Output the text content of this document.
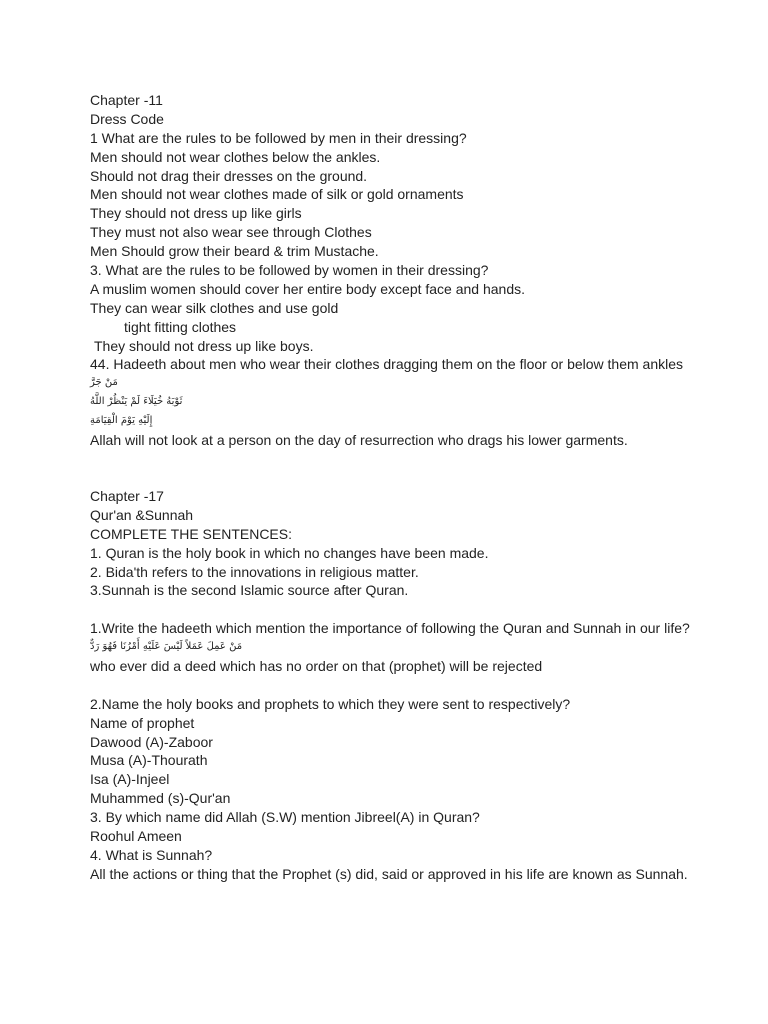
Chapter -11
Dress Code
1 What are the rules to be followed by men in their dressing?
Men should not wear clothes below the ankles.
Should not drag their dresses on the ground.
Men should not wear clothes made of silk or gold ornaments
They should not dress up like girls
They must not also wear see through Clothes
Men Should grow their beard & trim Mustache.
3. What are the rules to be followed by women in their dressing?
A muslim women should cover her entire body except face and hands.
They can wear silk clothes and use gold
tight fitting clothes
They should not dress up like boys.
44. Hadeeth about men who wear their clothes dragging them on the floor or below them ankles
مَنْ جَرَّ
ثَوْبَهُ خُيَلَاءَ لَمْ يَنْظُرْ اللَّهُ
إِلَيْهِ يَوْمَ الْقِيَامَةِ
Allah will not look at a person on the day of resurrection who drags his lower garments.
Chapter -17
Qur'an &Sunnah
COMPLETE THE SENTENCES:
1. Quran is the holy book in which no changes have been made.
2. Bida'th refers to the innovations in religious matter.
3.Sunnah is the second Islamic source after Quran.
1.Write the hadeeth which mention the importance of following the Quran and Sunnah in our life?
مَنْ عَمِلَ عَمَلاً لَيْسَ عَلَيْهِ أَمْرُنَا فَهُوَ رَدٌّ
who ever did a deed which has no order on that (prophet) will be rejected
2.Name the holy books and prophets to which they were sent to respectively?
Name of prophet
Dawood (A)-Zaboor
Musa (A)-Thourath
Isa (A)-Injeel
Muhammed (s)-Qur'an
3. By which name did Allah (S.W) mention Jibreel(A) in Quran?
Roohul Ameen
4. What is Sunnah?
All the actions or thing that the Prophet (s) did, said or approved in his life are known as Sunnah.
